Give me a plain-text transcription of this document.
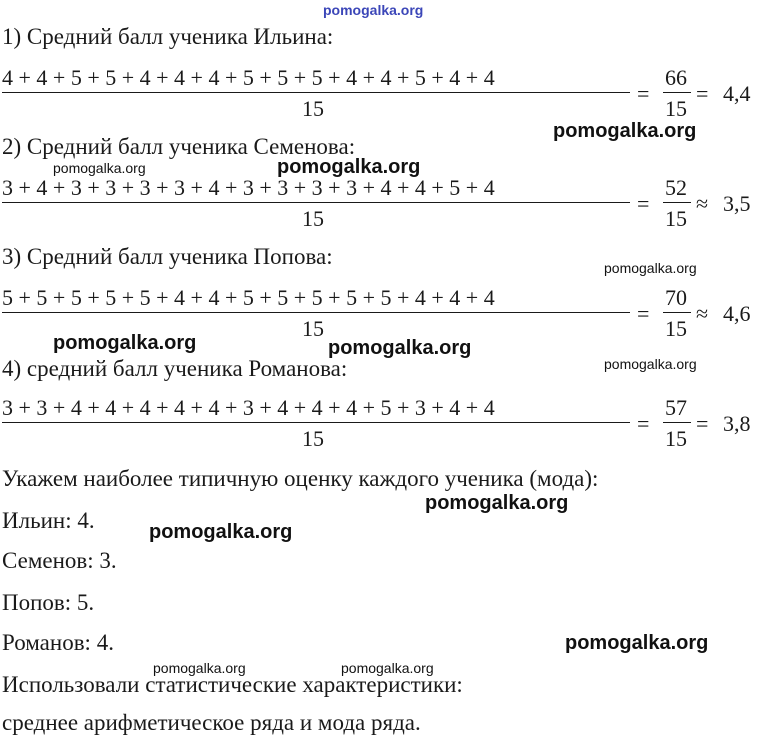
pomogalka.org
1) Средний балл ученика Ильина:
4 + 4 + 5 + 5 + 4 + 4 + 4 + 5 + 5 + 5 + 4 + 4 + 5 + 4 + 4
15
=
66
15
= 4,4
pomogalka.org
2) Средний балл ученика Семенова:
pomogalka.org	pomogalka.org
3 + 4 + 3 + 3 + 3 + 3 + 4 + 3 + 3 + 3 + 3 + 4 + 4 + 5 + 4
15
=
52
15
≈ 3,5
3) Средний балл ученика Попова:	pomogalka.org
5 + 5 + 5 + 5 + 5 + 4 + 4 + 5 + 5 + 5 + 5 + 5 + 4 + 4 + 4
15
=
70
15
≈ 4,6
pomogalka.org	pomogalka.org
pomogalka.org
4) средний балл ученика Романова:
3 + 3 + 4 + 4 + 4 + 4 + 4 + 3 + 4 + 4 + 4 + 5 + 3 + 4 + 4
15
=
57
15
= 3,8
Укажем наиболее типичную оценку каждого ученика (мода):
pomogalka.org
Ильин: 4.	pomogalka.org
Семенов: 3.
Попов: 5.
Романов: 4.	pomogalka.org
pomogalka.org	pomogalka.org
Использовали статистические характеристики:
среднее арифметическое ряда и мода ряда.
